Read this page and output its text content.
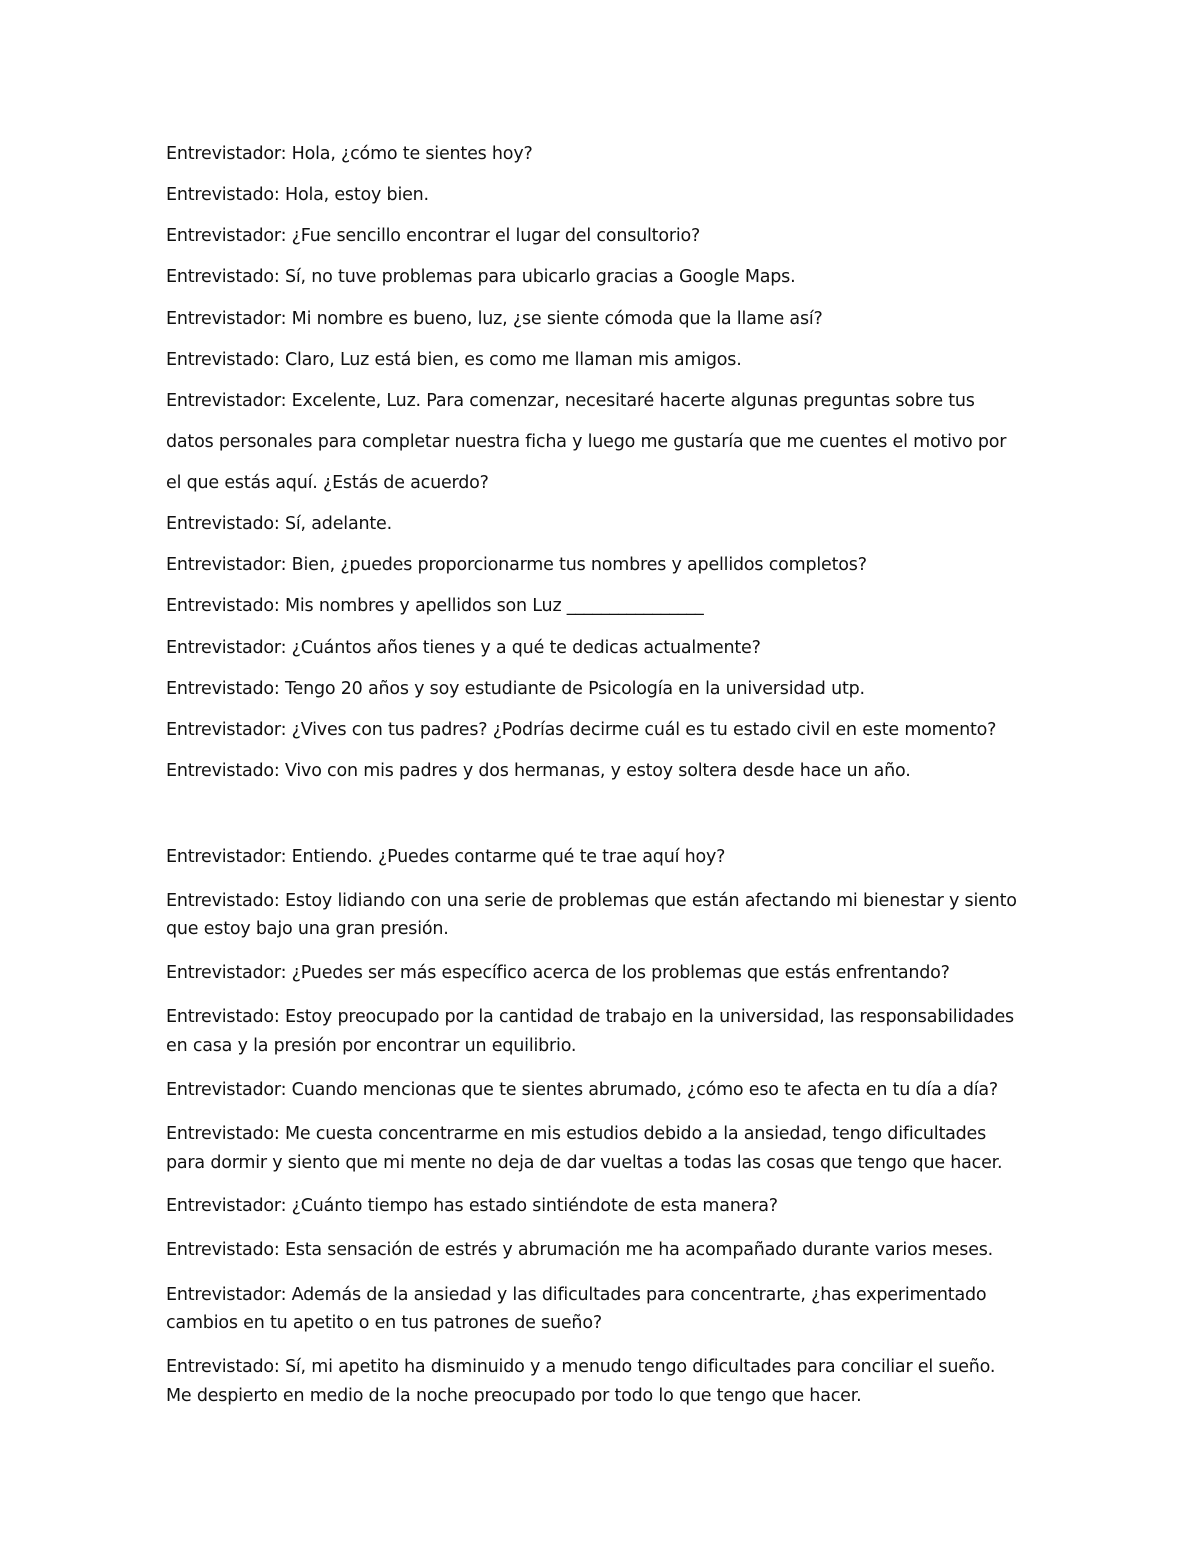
Entrevistador: Hola, ¿cómo te sientes hoy?

Entrevistado: Hola, estoy bien.

Entrevistador: ¿Fue sencillo encontrar el lugar del consultorio?

Entrevistado: Sí, no tuve problemas para ubicarlo gracias a Google Maps.

Entrevistador: Mi nombre es bueno, luz, ¿se siente cómoda que la llame así?

Entrevistado: Claro, Luz está bien, es como me llaman mis amigos.

Entrevistador: Excelente, Luz. Para comenzar, necesitaré hacerte algunas preguntas sobre tus

datos personales para completar nuestra ficha y luego me gustaría que me cuentes el motivo por

el que estás aquí. ¿Estás de acuerdo?

Entrevistado: Sí, adelante.

Entrevistador: Bien, ¿puedes proporcionarme tus nombres y apellidos completos?

Entrevistado: Mis nombres y apellidos son Luz ________________

Entrevistador: ¿Cuántos años tienes y a qué te dedicas actualmente?

Entrevistado: Tengo 20 años y soy estudiante de Psicología en la universidad utp.

Entrevistador: ¿Vives con tus padres? ¿Podrías decirme cuál es tu estado civil en este momento?

Entrevistado: Vivo con mis padres y dos hermanas, y estoy soltera desde hace un año.

Entrevistador: Entiendo. ¿Puedes contarme qué te trae aquí hoy?

Entrevistado: Estoy lidiando con una serie de problemas que están afectando mi bienestar y siento

que estoy bajo una gran presión.

Entrevistador: ¿Puedes ser más específico acerca de los problemas que estás enfrentando?

Entrevistado: Estoy preocupado por la cantidad de trabajo en la universidad, las responsabilidades

en casa y la presión por encontrar un equilibrio.

Entrevistador: Cuando mencionas que te sientes abrumado, ¿cómo eso te afecta en tu día a día?

Entrevistado: Me cuesta concentrarme en mis estudios debido a la ansiedad, tengo dificultades

para dormir y siento que mi mente no deja de dar vueltas a todas las cosas que tengo que hacer.

Entrevistador: ¿Cuánto tiempo has estado sintiéndote de esta manera?

Entrevistado: Esta sensación de estrés y abrumación me ha acompañado durante varios meses.

Entrevistador: Además de la ansiedad y las dificultades para concentrarte, ¿has experimentado

cambios en tu apetito o en tus patrones de sueño?

Entrevistado: Sí, mi apetito ha disminuido y a menudo tengo dificultades para conciliar el sueño.

Me despierto en medio de la noche preocupado por todo lo que tengo que hacer.
